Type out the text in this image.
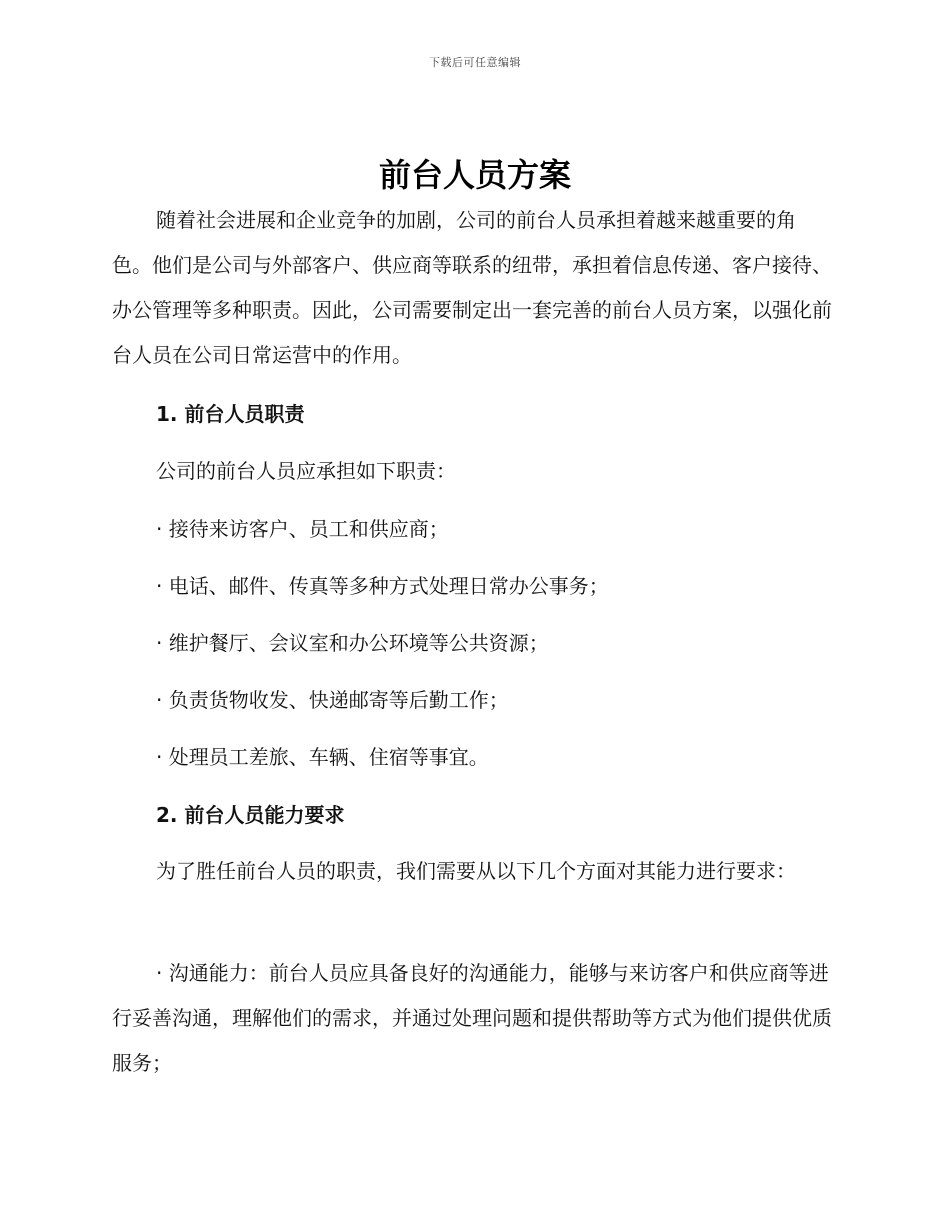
下载后可任意编辑
前台人员方案

随着社会进展和企业竞争的加剧，公司的前台人员承担着越来越重要的角色。他们是公司与外部客户、供应商等联系的纽带，承担着信息传递、客户接待、办公管理等多种职责。因此，公司需要制定出一套完善的前台人员方案，以强化前台人员在公司日常运营中的作用。

1. 前台人员职责

公司的前台人员应承担如下职责：

· 接待来访客户、员工和供应商；

· 电话、邮件、传真等多种方式处理日常办公事务；

· 维护餐厅、会议室和办公环境等公共资源；

· 负责货物收发、快递邮寄等后勤工作；

· 处理员工差旅、车辆、住宿等事宜。

2. 前台人员能力要求

为了胜任前台人员的职责，我们需要从以下几个方面对其能力进行要求：

· 沟通能力：前台人员应具备良好的沟通能力，能够与来访客户和供应商等进行妥善沟通，理解他们的需求，并通过处理问题和提供帮助等方式为他们提供优质服务；
